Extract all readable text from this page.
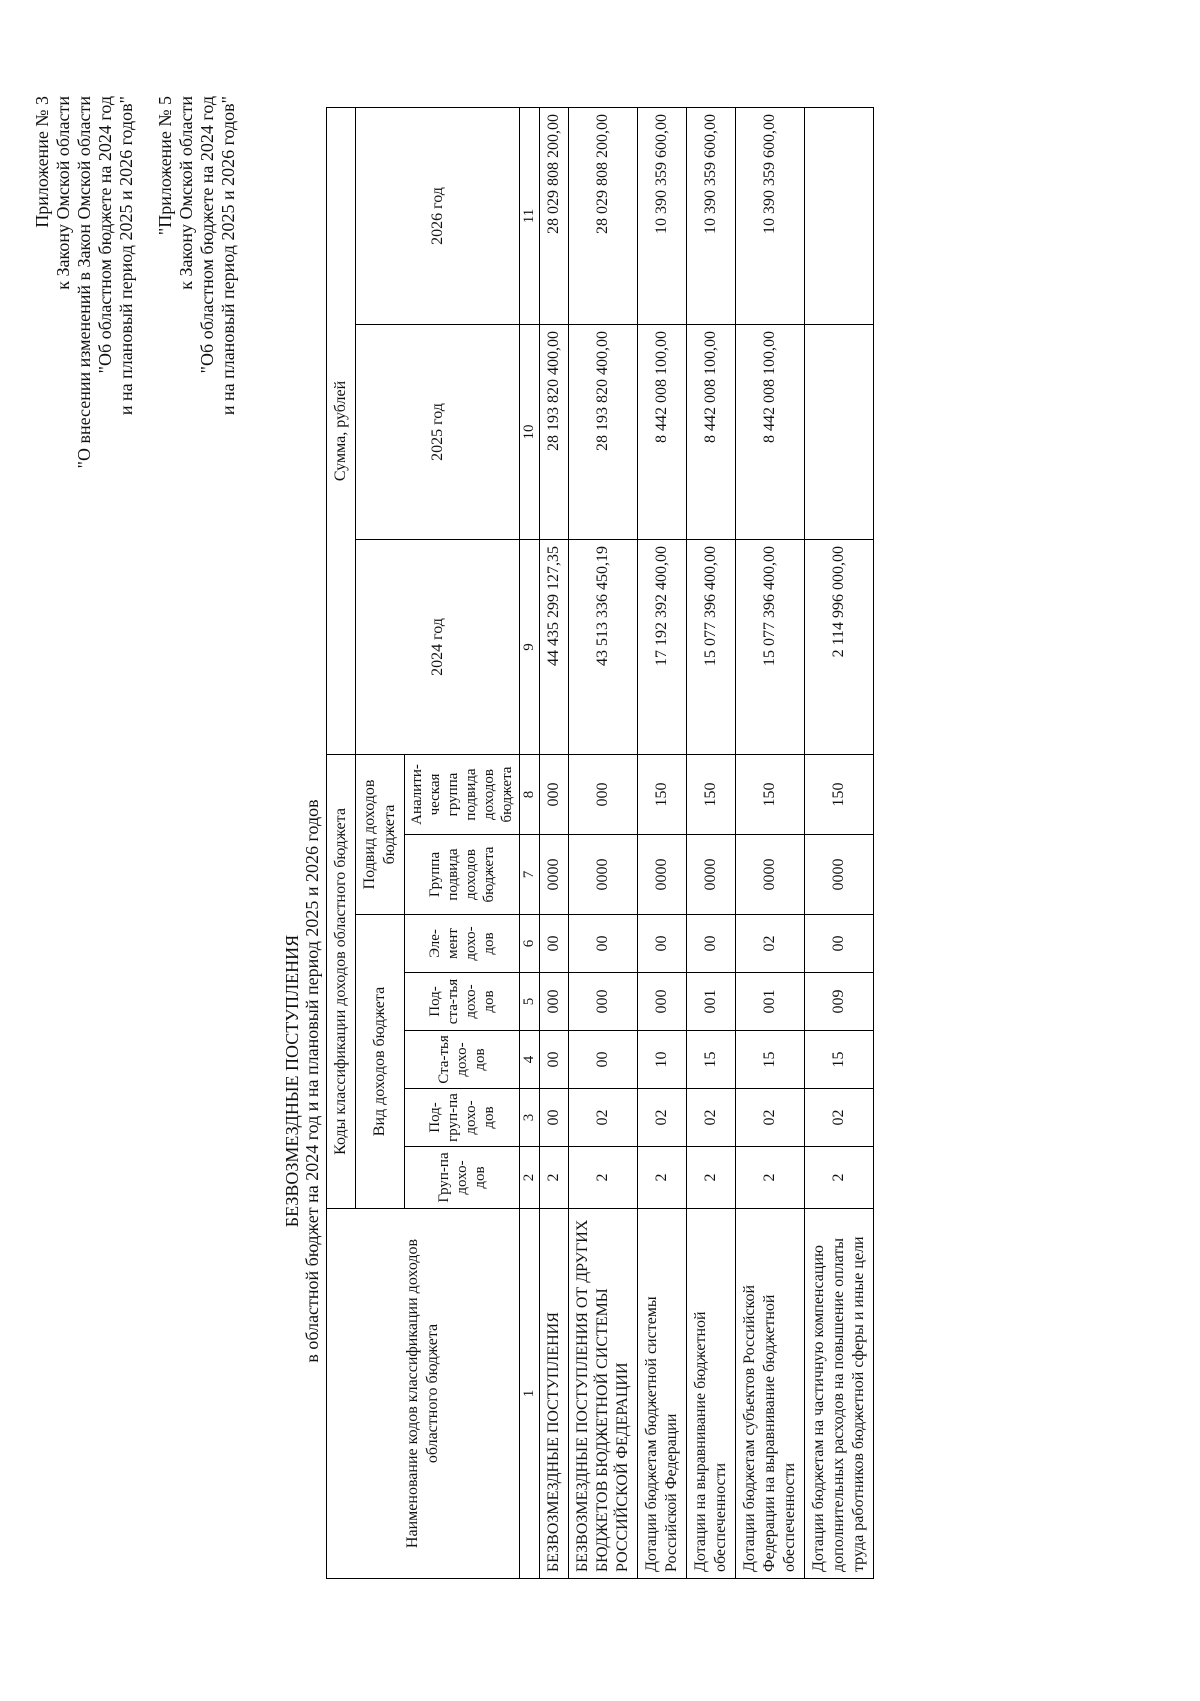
Приложение № 3 к Закону Омской области "О внесении изменений в Закон Омской области "Об областном бюджете на 2024 год и на плановый период 2025 и 2026 годов" "Приложение № 5 к Закону Омской области "Об областном бюджете на 2024 год и на плановый период 2025 и 2026 годов"
БЕЗВОЗМЕЗДНЫЕ ПОСТУПЛЕНИЯ в областной бюджет на 2024 год и на плановый период 2025 и 2026 годов
Наименование кодов классификации доходов областного бюджета	Коды классификации доходов областного бюджета							Сумма, рублей		
	Вид доходов бюджета					Подвид доходов бюджета		2024 год	2025 год	2026 год
	Груп-па дохо-дов	Под-груп-па дохо-дов	Ста-тья дохо-дов	Под-ста-тья дохо-дов	Эле-мент дохо-дов	Группа подвида доходов бюджета	Аналити-ческая группа подвида доходов бюджета			
1	2	3	4	5	6	7	8	9	10	11
БЕЗВОЗМЕЗДНЫЕ ПОСТУПЛЕНИЯ	2	00	00	000	00	0000	000	44 435 299 127,35	28 193 820 400,00	28 029 808 200,00
БЕЗВОЗМЕЗДНЫЕ ПОСТУПЛЕНИЯ ОТ ДРУГИХ БЮДЖЕТОВ БЮДЖЕТНОЙ СИСТЕМЫ РОССИЙСКОЙ ФЕДЕРАЦИИ	2	02	00	000	00	0000	000	43 513 336 450,19	28 193 820 400,00	28 029 808 200,00
Дотации бюджетам бюджетной системы Российской Федерации	2	02	10	000	00	0000	150	17 192 392 400,00	8 442 008 100,00	10 390 359 600,00
Дотации на выравнивание бюджетной обеспеченности	2	02	15	001	00	0000	150	15 077 396 400,00	8 442 008 100,00	10 390 359 600,00
Дотации бюджетам субъектов Российской Федерации на выравнивание бюджетной обеспеченности	2	02	15	001	02	0000	150	15 077 396 400,00	8 442 008 100,00	10 390 359 600,00
Дотации бюджетам на частичную компенсацию дополнительных расходов на повышение оплаты труда работников бюджетной сферы и иные цели	2	02	15	009	00	0000	150	2 114 996 000,00		
